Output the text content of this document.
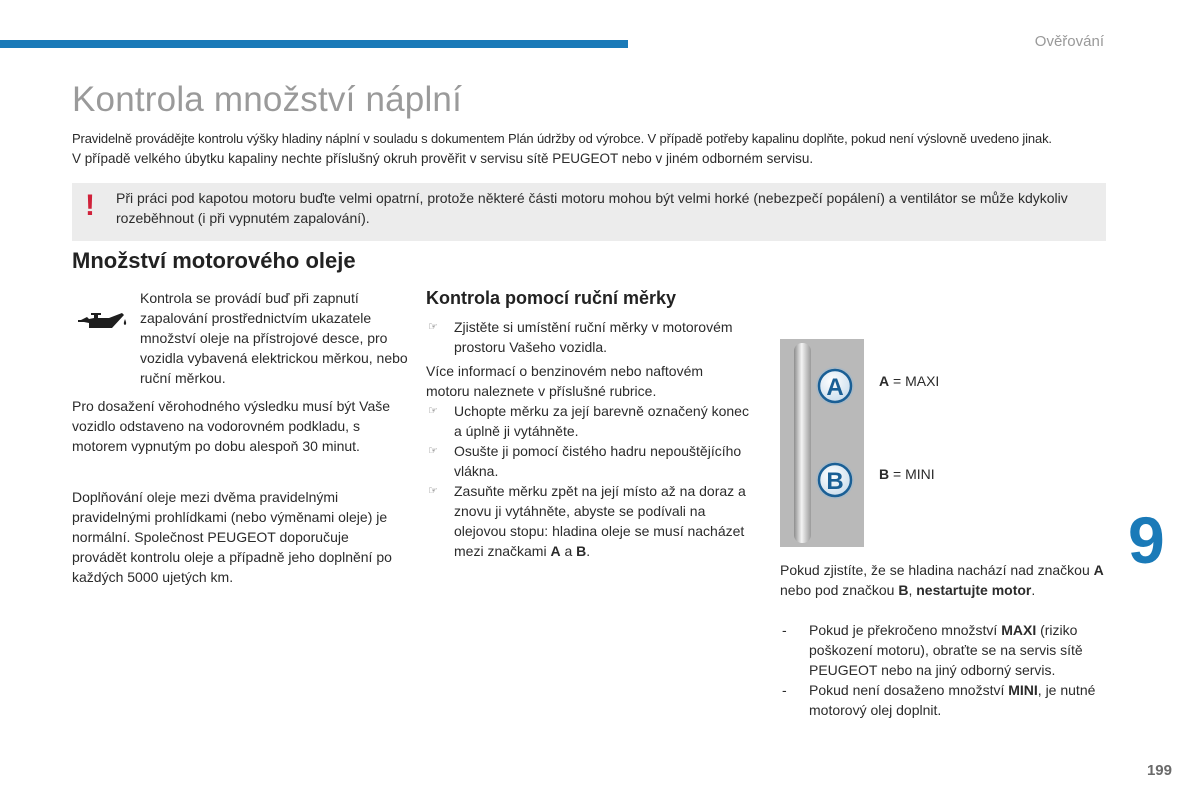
Ověřování
Kontrola množství náplní
Pravidelně provádějte kontrolu výšky hladiny náplní v souladu s dokumentem Plán údržby od výrobce. V případě potřeby kapalinu doplňte, pokud není výslovně uvedeno jinak.
V případě velkého úbytku kapaliny nechte příslušný okruh prověřit v servisu sítě PEUGEOT nebo v jiném odborném servisu.
! Při práci pod kapotou motoru buďte velmi opatrní, protože některé části motoru mohou být velmi horké (nebezpečí popálení) a ventilátor se může kdykoliv rozeběhnout (i při vypnutém zapalování).
Množství motorového oleje
Kontrola se provádí buď při zapnutí zapalování prostřednictvím ukazatele množství oleje na přístrojové desce, pro vozidla vybavená elektrickou měrkou, nebo ruční měrkou.
Pro dosažení věrohodného výsledku musí být Vaše vozidlo odstaveno na vodorovném podkladu, s motorem vypnutým po dobu alespoň 30 minut.
Doplňování oleje mezi dvěma pravidelnými pravidelnými prohlídkami (nebo výměnami oleje) je normální. Společnost PEUGEOT doporučuje provádět kontrolu oleje a případně jeho doplnění po každých 5000 ujetých km.
Kontrola pomocí ruční měrky
☞ Zjistěte si umístění ruční měrky v motorovém prostoru Vašeho vozidla.
Více informací o benzinovém nebo naftovém motoru naleznete v příslušné rubrice.
☞ Uchopte měrku za její barevně označený konec a úplně ji vytáhněte.
☞ Osušte ji pomocí čistého hadru nepouštějícího vlákna.
☞ Zasuňte měrku zpět na její místo až na doraz a znovu ji vytáhněte, abyste se podívali na olejovou stopu: hladina oleje se musí nacházet mezi značkami A a B.
A
B
A = MAXI
B = MINI
Pokud zjistíte, že se hladina nachází nad značkou A nebo pod značkou B, nestartujte motor.
- Pokud je překročeno množství MAXI (riziko poškození motoru), obraťte se na servis sítě PEUGEOT nebo na jiný odborný servis.
- Pokud není dosaženo množství MINI, je nutné motorový olej doplnit.
9
199
